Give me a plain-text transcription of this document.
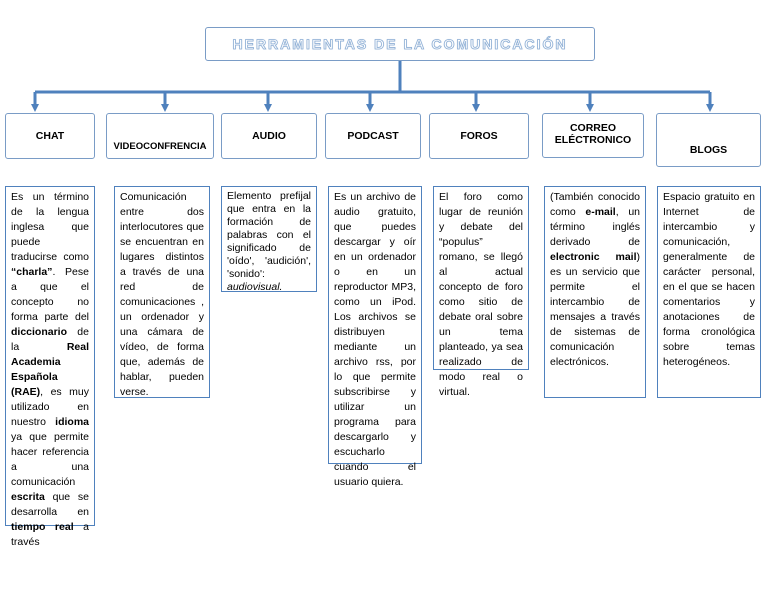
HERRAMIENTAS DE LA COMUNICACIÓN
CHAT
VIDEOCONFRENCIA
AUDIO	PODCAST	FOROS
CORREO ELÉCTRONICO
BLOGS

Es un término de la lengua inglesa que puede traducirse como “charla”. Pese a que el concepto no forma parte del diccionario de la Real Academia Española (RAE), es muy utilizado en nuestro idioma ya que permite hacer referencia a una comunicación escrita que se desarrolla en tiempo real a través

Comunicación entre dos interlocutores que se encuentran en lugares distintos a través de una red de comunicaciones , un ordenador y una cámara de vídeo, de forma que, además de hablar, pueden verse.

Elemento prefijal que entra en la formación de palabras con el significado de 'oído', 'audición', 'sonido': audiovisual.

Es un archivo de audio gratuito, que puedes descargar y oír en un ordenador o en un reproductor MP3, como un iPod. Los archivos se distribuyen mediante un archivo rss, por lo que permite subscribirse y utilizar un programa para descargarlo y escucharlo cuando el usuario quiera.

El foro como lugar de reunión y debate del “populus” romano, se llegó al actual concepto de foro como sitio de debate oral sobre un tema planteado, ya sea realizado de modo real o virtual.

(También conocido como e-mail, un término inglés derivado de electronic mail) es un servicio que permite el intercambio de mensajes a través de sistemas de comunicación electrónicos.

Espacio gratuito en Internet de intercambio y comunicación, generalmente de carácter personal, en el que se hacen comentarios y anotaciones de forma cronológica sobre temas heterogéneos.
